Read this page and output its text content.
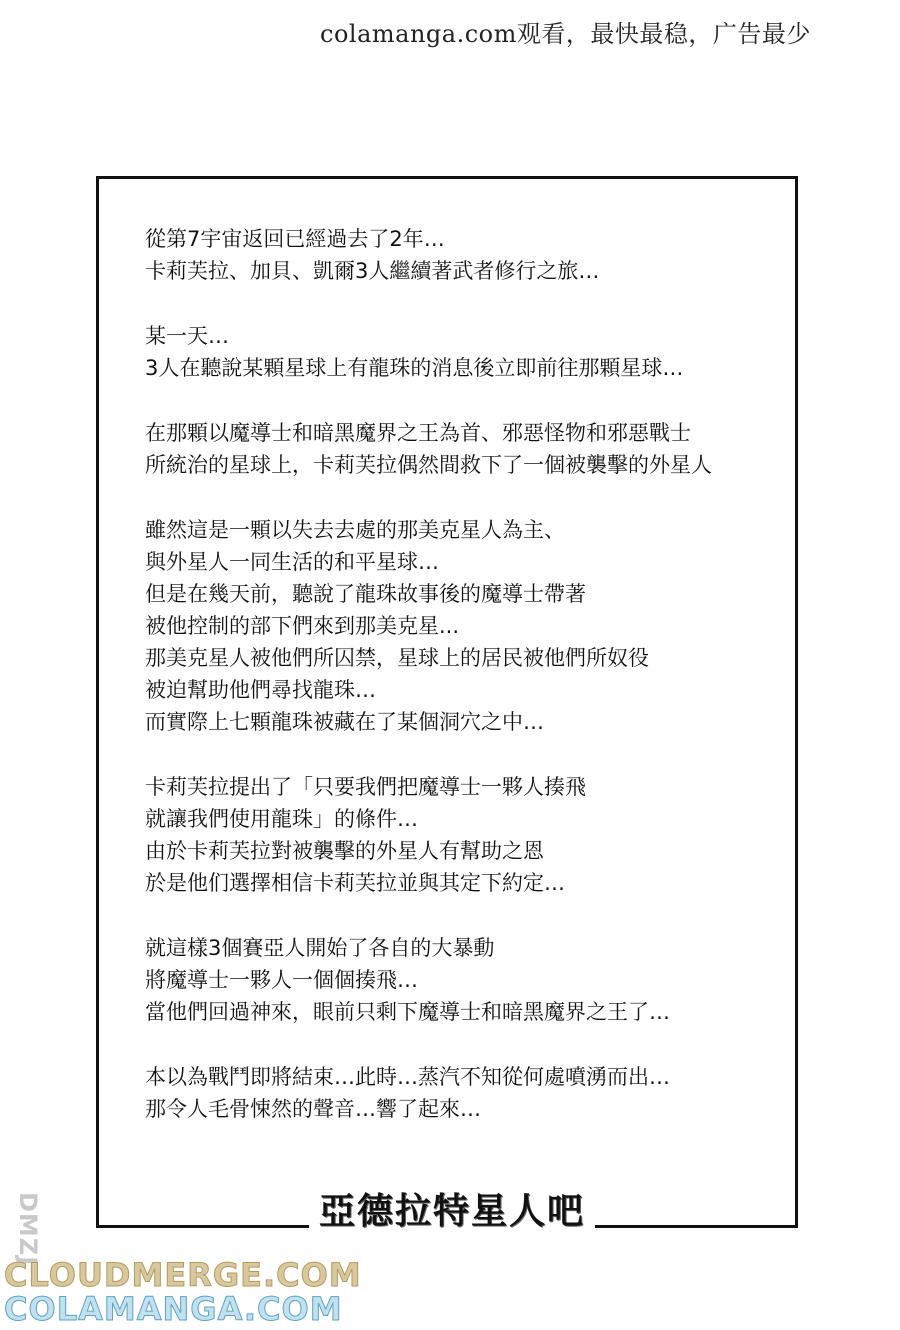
colamanga.com观看，最快最稳，广告最少
從第7宇宙返回已經過去了2年…
卡莉芙拉、加貝、凱爾3人繼續著武者修行之旅…
某一天…
3人在聽說某顆星球上有龍珠的消息後立即前往那顆星球…
在那顆以魔導士和暗黑魔界之王為首、邪惡怪物和邪惡戰士
所統治的星球上，卡莉芙拉偶然間救下了一個被襲擊的外星人
雖然這是一顆以失去去處的那美克星人為主、
與外星人一同生活的和平星球…
但是在幾天前，聽說了龍珠故事後的魔導士帶著
被他控制的部下們來到那美克星...
那美克星人被他們所囚禁，星球上的居民被他們所奴役
被迫幫助他們尋找龍珠…
而實際上七顆龍珠被藏在了某個洞穴之中…
卡莉芙拉提出了「只要我們把魔導士一夥人揍飛
就讓我們使用龍珠」的條件…
由於卡莉芙拉對被襲擊的外星人有幫助之恩
於是他们選擇相信卡莉芙拉並與其定下約定…
就這樣3個賽亞人開始了各自的大暴動
將魔導士一夥人一個個揍飛…
當他們回過神來，眼前只剩下魔導士和暗黑魔界之王了…
本以為戰鬥即將結束…此時…蒸汽不知從何處噴湧而出…
那令人毛骨悚然的聲音…響了起來…
亞德拉特星人吧
DMZJ
CLOUDMERGE.COM
COLAMANGA.COM
